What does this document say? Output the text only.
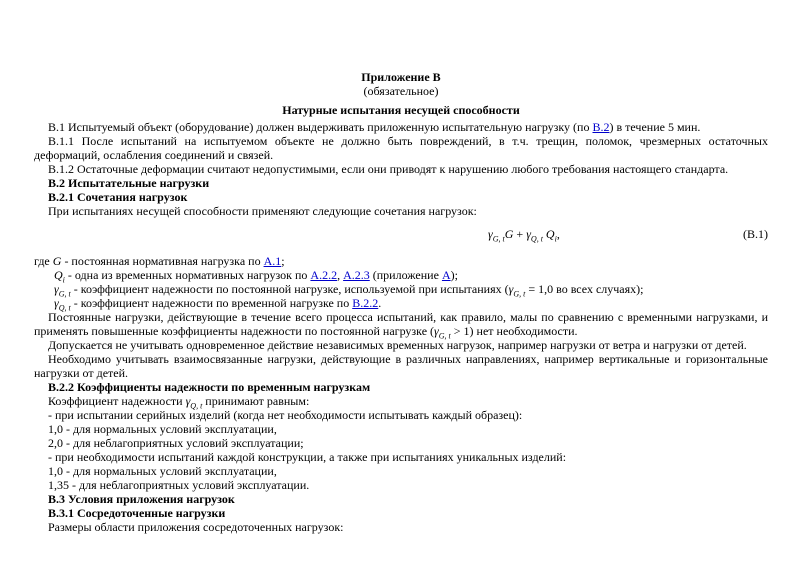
Приложение В

(обязательное)

Натурные испытания несущей способности

В.1 Испытуемый объект (оборудование) должен выдерживать приложенную испытательную нагрузку (по В.2) в течение 5 мин.

В.1.1 После испытаний на испытуемом объекте не должно быть повреждений, в т.ч. трещин, поломок, чрезмерных остаточных деформаций, ослабления соединений и связей.

В.1.2 Остаточные деформации считают недопустимыми, если они приводят к нарушению любого требования настоящего стандарта.

В.2 Испытательные нагрузки

В.2.1 Сочетания нагрузок

При испытаниях несущей способности применяют следующие сочетания нагрузок:

$\gamma_{G, t}G + \gamma_{Q, t}$ $Q_i$,	(В.1)

где G - постоянная нормативная нагрузка по А.1;

$Q_i$ - одна из временных нормативных нагрузок по А.2.2, А.2.3 (приложение А);

$\gamma_{G, t}$ - коэффициент надежности по постоянной нагрузке, используемой при испытаниях ($\gamma_{G, t} = 1,0$ во всех случаях);

$\gamma_{Q, t}$ - коэффициент надежности по временной нагрузке по В.2.2.

Постоянные нагрузки, действующие в течение всего процесса испытаний, как правило, малы по сравнению с временными нагрузками, и применять повышенные коэффициенты надежности по постоянной нагрузке $(\gamma_{G, t} > 1)$ нет необходимости.

Допускается не учитывать одновременное действие независимых временных нагрузок, например нагрузки от ветра и нагрузки от детей.

Необходимо учитывать взаимосвязанные нагрузки, действующие в различных направлениях, например вертикальные и горизонтальные нагрузки от детей.

В.2.2 Коэффициенты надежности по временным нагрузкам

Коэффициент надежности $\gamma_{Q, t}$ принимают равным:

- при испытании серийных изделий (когда нет необходимости испытывать каждый образец):

1,0 - для нормальных условий эксплуатации,

2,0 - для неблагоприятных условий эксплуатации;

- при необходимости испытаний каждой конструкции, а также при испытаниях уникальных изделий:

1,0 - для нормальных условий эксплуатации,

1,35 - для неблагоприятных условий эксплуатации.

В.3 Условия приложения нагрузок

В.3.1 Сосредоточенные нагрузки

Размеры области приложения сосредоточенных нагрузок:
